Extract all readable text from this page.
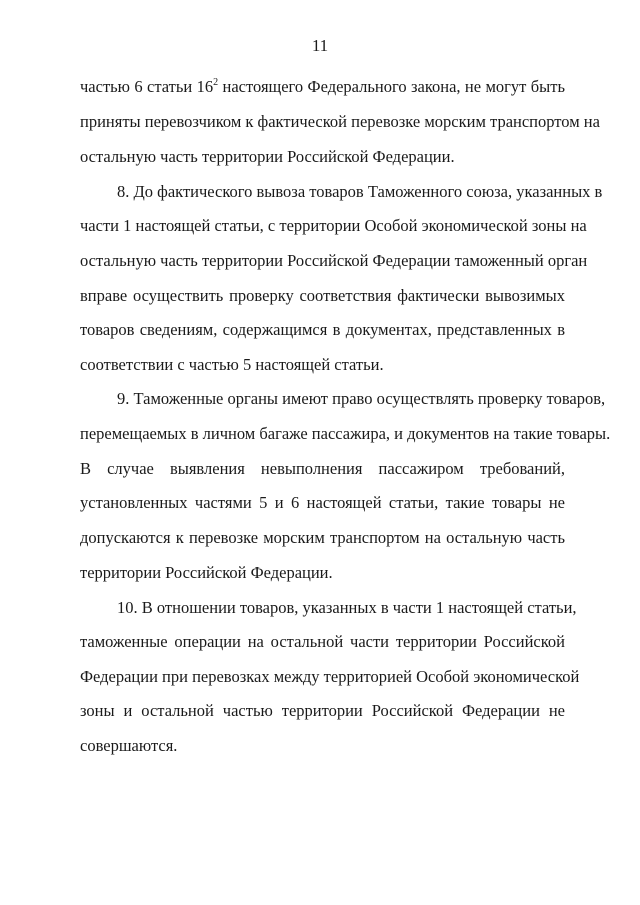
11
частью 6 статьи $16^2$ настоящего Федерального закона, не могут быть
приняты перевозчиком к фактической перевозке морским транспортом на
остальную часть территории Российской Федерации.
8. До фактического вывоза товаров Таможенного союза, указанных в
части 1 настоящей статьи, с территории Особой экономической зоны на
остальную часть территории Российской Федерации таможенный орган
вправе осуществить проверку соответствия фактически вывозимых
товаров сведениям, содержащимся в документах, представленных в
соответствии с частью 5 настоящей статьи.
9. Таможенные органы имеют право осуществлять проверку товаров,
перемещаемых в личном багаже пассажира, и документов на такие товары.
В случае выявления невыполнения пассажиром требований,
установленных частями 5 и 6 настоящей статьи, такие товары не
допускаются к перевозке морским транспортом на остальную часть
территории Российской Федерации.
10. В отношении товаров, указанных в части 1 настоящей статьи,
таможенные операции на остальной части территории Российской
Федерации при перевозках между территорией Особой экономической
зоны и остальной частью территории Российской Федерации не
совершаются.
